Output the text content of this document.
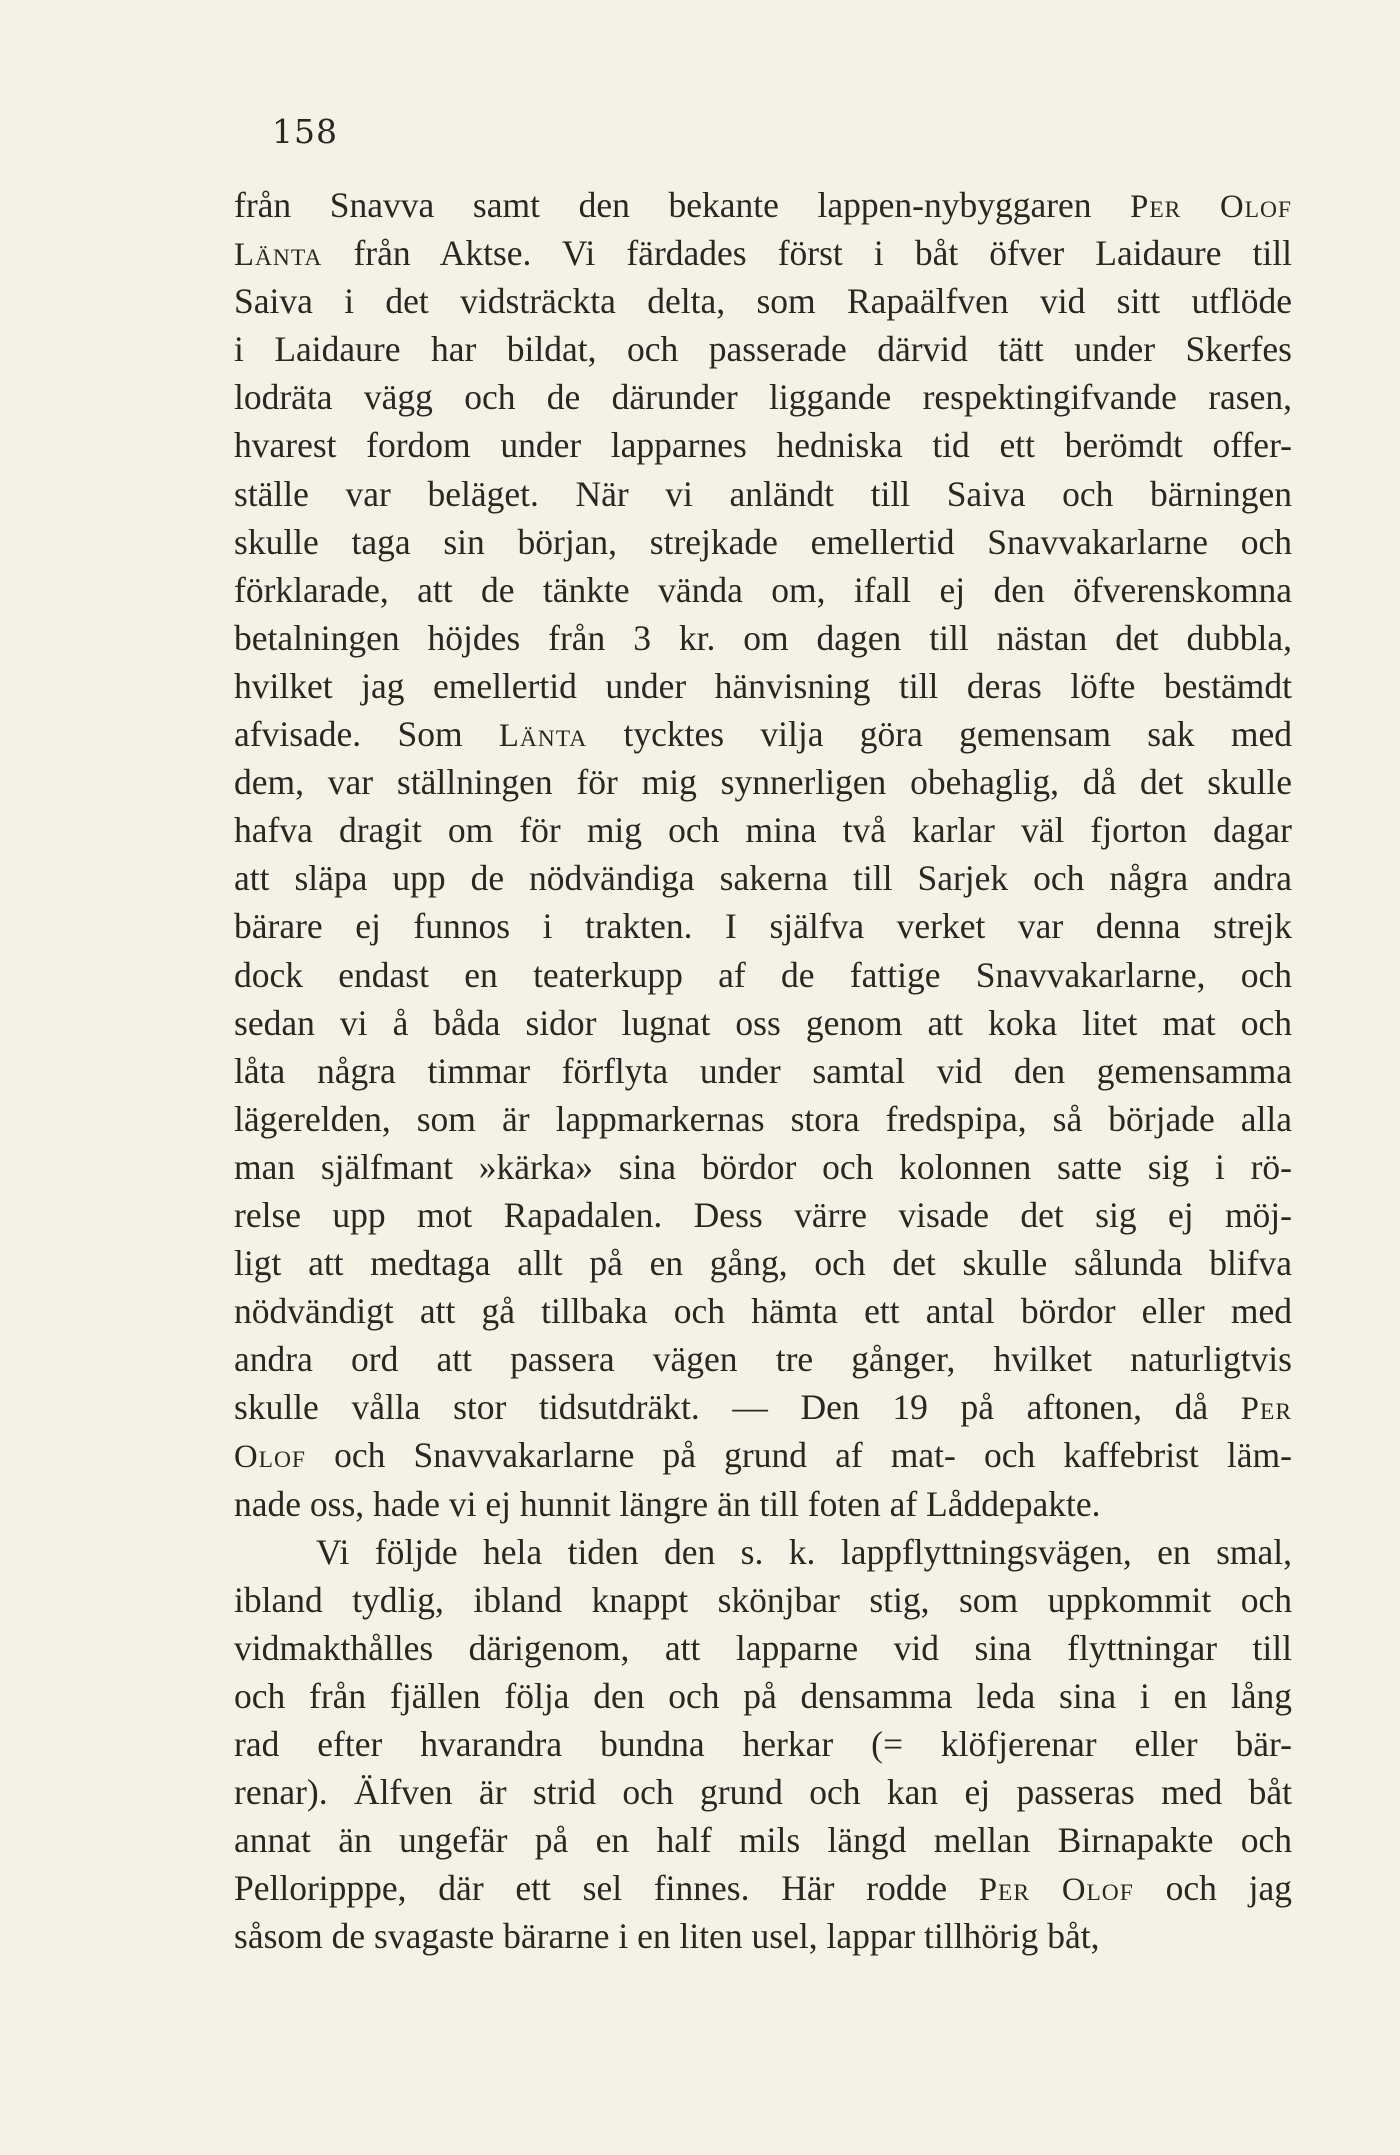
158
från Snavva samt den bekante lappen-nybyggaren PER OLOF
LÄNTA från Aktse. Vi färdades först i båt öfver Laidaure till
Saiva i det vidsträckta delta, som Rapaälfven vid sitt utflöde
i Laidaure har bildat, och passerade därvid tätt under Skerfes
lodräta vägg och de därunder liggande respektingifvande rasen,
hvarest fordom under lapparnes hedniska tid ett berömdt offer-
ställe var beläget. När vi anländt till Saiva och bärningen
skulle taga sin början, strejkade emellertid Snavvakarlarne och
förklarade, att de tänkte vända om, ifall ej den öfverenskomna
betalningen höjdes från 3 kr. om dagen till nästan det dubbla,
hvilket jag emellertid under hänvisning till deras löfte bestämdt
afvisade. Som LÄNTA tycktes vilja göra gemensam sak med
dem, var ställningen för mig synnerligen obehaglig, då det skulle
hafva dragit om för mig och mina två karlar väl fjorton dagar
att släpa upp de nödvändiga sakerna till Sarjek och några andra
bärare ej funnos i trakten. I själfva verket var denna strejk
dock endast en teaterkupp af de fattige Snavvakarlarne, och
sedan vi å båda sidor lugnat oss genom att koka litet mat och
låta några timmar förflyta under samtal vid den gemensamma
lägerelden, som är lappmarkernas stora fredspipa, så började alla
man själfmant »kärka» sina bördor och kolonnen satte sig i rö-
relse upp mot Rapadalen. Dess värre visade det sig ej möj-
ligt att medtaga allt på en gång, och det skulle sålunda blifva
nödvändigt att gå tillbaka och hämta ett antal bördor eller med
andra ord att passera vägen tre gånger, hvilket naturligtvis
skulle vålla stor tidsutdräkt. — Den 19 på aftonen, då PER
OLOF och Snavvakarlarne på grund af mat- och kaffebrist läm-
nade oss, hade vi ej hunnit längre än till foten af Låddepakte.
Vi följde hela tiden den s. k. lappflyttningsvägen, en smal,
ibland tydlig, ibland knappt skönjbar stig, som uppkommit och
vidmakthålles därigenom, att lapparne vid sina flyttningar till
och från fjällen följa den och på densamma leda sina i en lång
rad efter hvarandra bundna herkar (= klöfjerenar eller bär-
renar). Älfven är strid och grund och kan ej passeras med båt
annat än ungefär på en half mils längd mellan Birnapakte och
Pelloripppe, där ett sel finnes. Här rodde PER OLOF och jag
såsom de svagaste bärarne i en liten usel, lappar tillhörig båt,
